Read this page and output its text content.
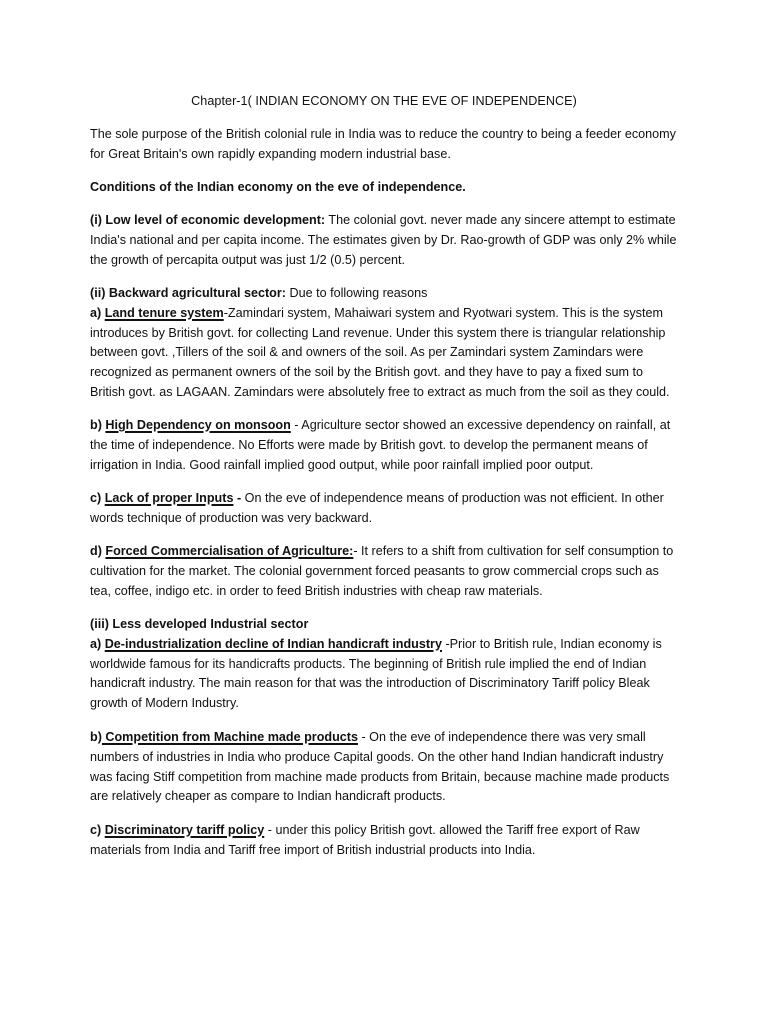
Chapter-1( INDIAN ECONOMY ON THE EVE OF INDEPENDENCE)

The sole purpose of the British colonial rule in India was to reduce the country to being a feeder economy for Great Britain's own rapidly expanding modern industrial base.

Conditions of the Indian economy on the eve of independence.

(i) Low level of economic development: The colonial govt. never made any sincere attempt to estimate India's national and per capita income. The estimates given by Dr. Rao-growth of GDP was only 2% while the growth of percapita output was just 1/2 (0.5) percent.

(ii) Backward agricultural sector: Due to following reasons

a) Land tenure system-Zamindari system, Mahaiwari system and Ryotwari system. This is the system introduces by British govt. for collecting Land revenue. Under this system there is triangular relationship between govt. ,Tillers of the soil & and owners of the soil. As per Zamindari system Zamindars were recognized as permanent owners of the soil by the British govt. and they have to pay a fixed sum to British govt. as LAGAAN. Zamindars were absolutely free to extract as much from the soil as they could.

b) High Dependency on monsoon - Agriculture sector showed an excessive dependency on rainfall, at the time of independence. No Efforts were made by British govt. to develop the permanent means of irrigation in India. Good rainfall implied good output, while poor rainfall implied poor output.

c) Lack of proper Inputs - On the eve of independence means of production was not efficient. In other words technique of production was very backward.

d) Forced Commercialisation of Agriculture:- It refers to a shift from cultivation for self consumption to cultivation for the market. The colonial government forced peasants to grow commercial crops such as tea, coffee, indigo etc. in order to feed British industries with cheap raw materials.

(iii) Less developed Industrial sector

a) De-industrialization decline of Indian handicraft industry -Prior to British rule, Indian economy is worldwide famous for its handicrafts products. The beginning of British rule implied the end of Indian handicraft industry. The main reason for that was the introduction of Discriminatory Tariff policy Bleak growth of Modern Industry.

b) Competition from Machine made products - On the eve of independence there was very small numbers of industries in India who produce Capital goods. On the other hand Indian handicraft industry was facing Stiff competition from machine made products from Britain, because machine made products are relatively cheaper as compare to Indian handicraft products.

c) Discriminatory tariff policy - under this policy British govt. allowed the Tariff free export of Raw materials from India and Tariff free import of British industrial products into India.
